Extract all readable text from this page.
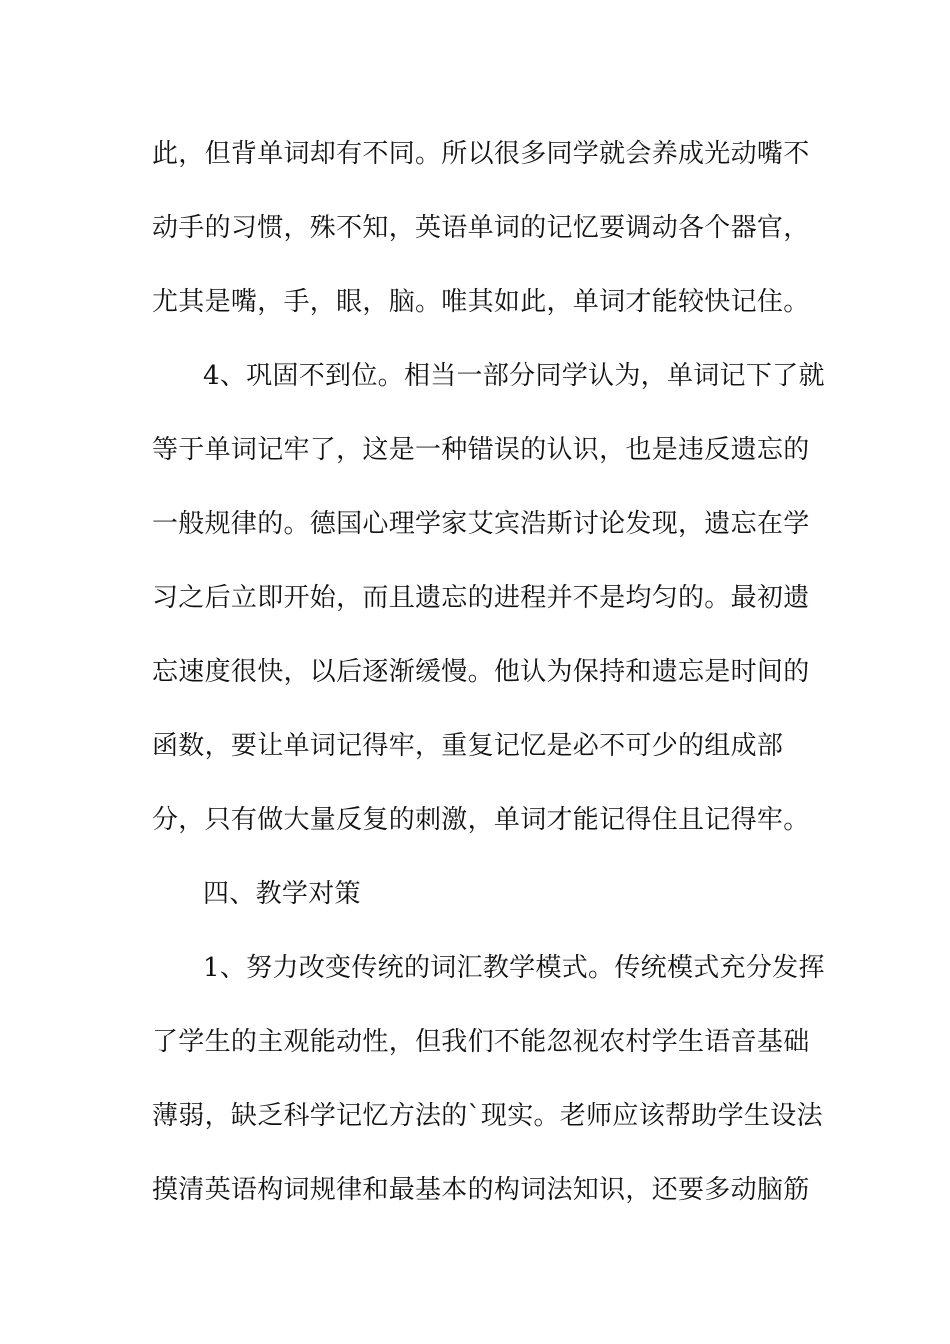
此，但背单词却有不同。所以很多同学就会养成光动嘴不
动手的习惯，殊不知，英语单词的记忆要调动各个器官，
尤其是嘴，手，眼，脑。唯其如此，单词才能较快记住。
4、巩固不到位。相当一部分同学认为，单词记下了就
等于单词记牢了，这是一种错误的认识，也是违反遗忘的
一般规律的。德国心理学家艾宾浩斯讨论发现，遗忘在学
习之后立即开始，而且遗忘的进程并不是均匀的。最初遗
忘速度很快，以后逐渐缓慢。他认为保持和遗忘是时间的
函数，要让单词记得牢，重复记忆是必不可少的组成部
分，只有做大量反复的刺激，单词才能记得住且记得牢。
四、教学对策
1、努力改变传统的词汇教学模式。传统模式充分发挥
了学生的主观能动性，但我们不能忽视农村学生语音基础
薄弱，缺乏科学记忆方法的`现实。老师应该帮助学生设法
摸清英语构词规律和最基本的构词法知识，还要多动脑筋
